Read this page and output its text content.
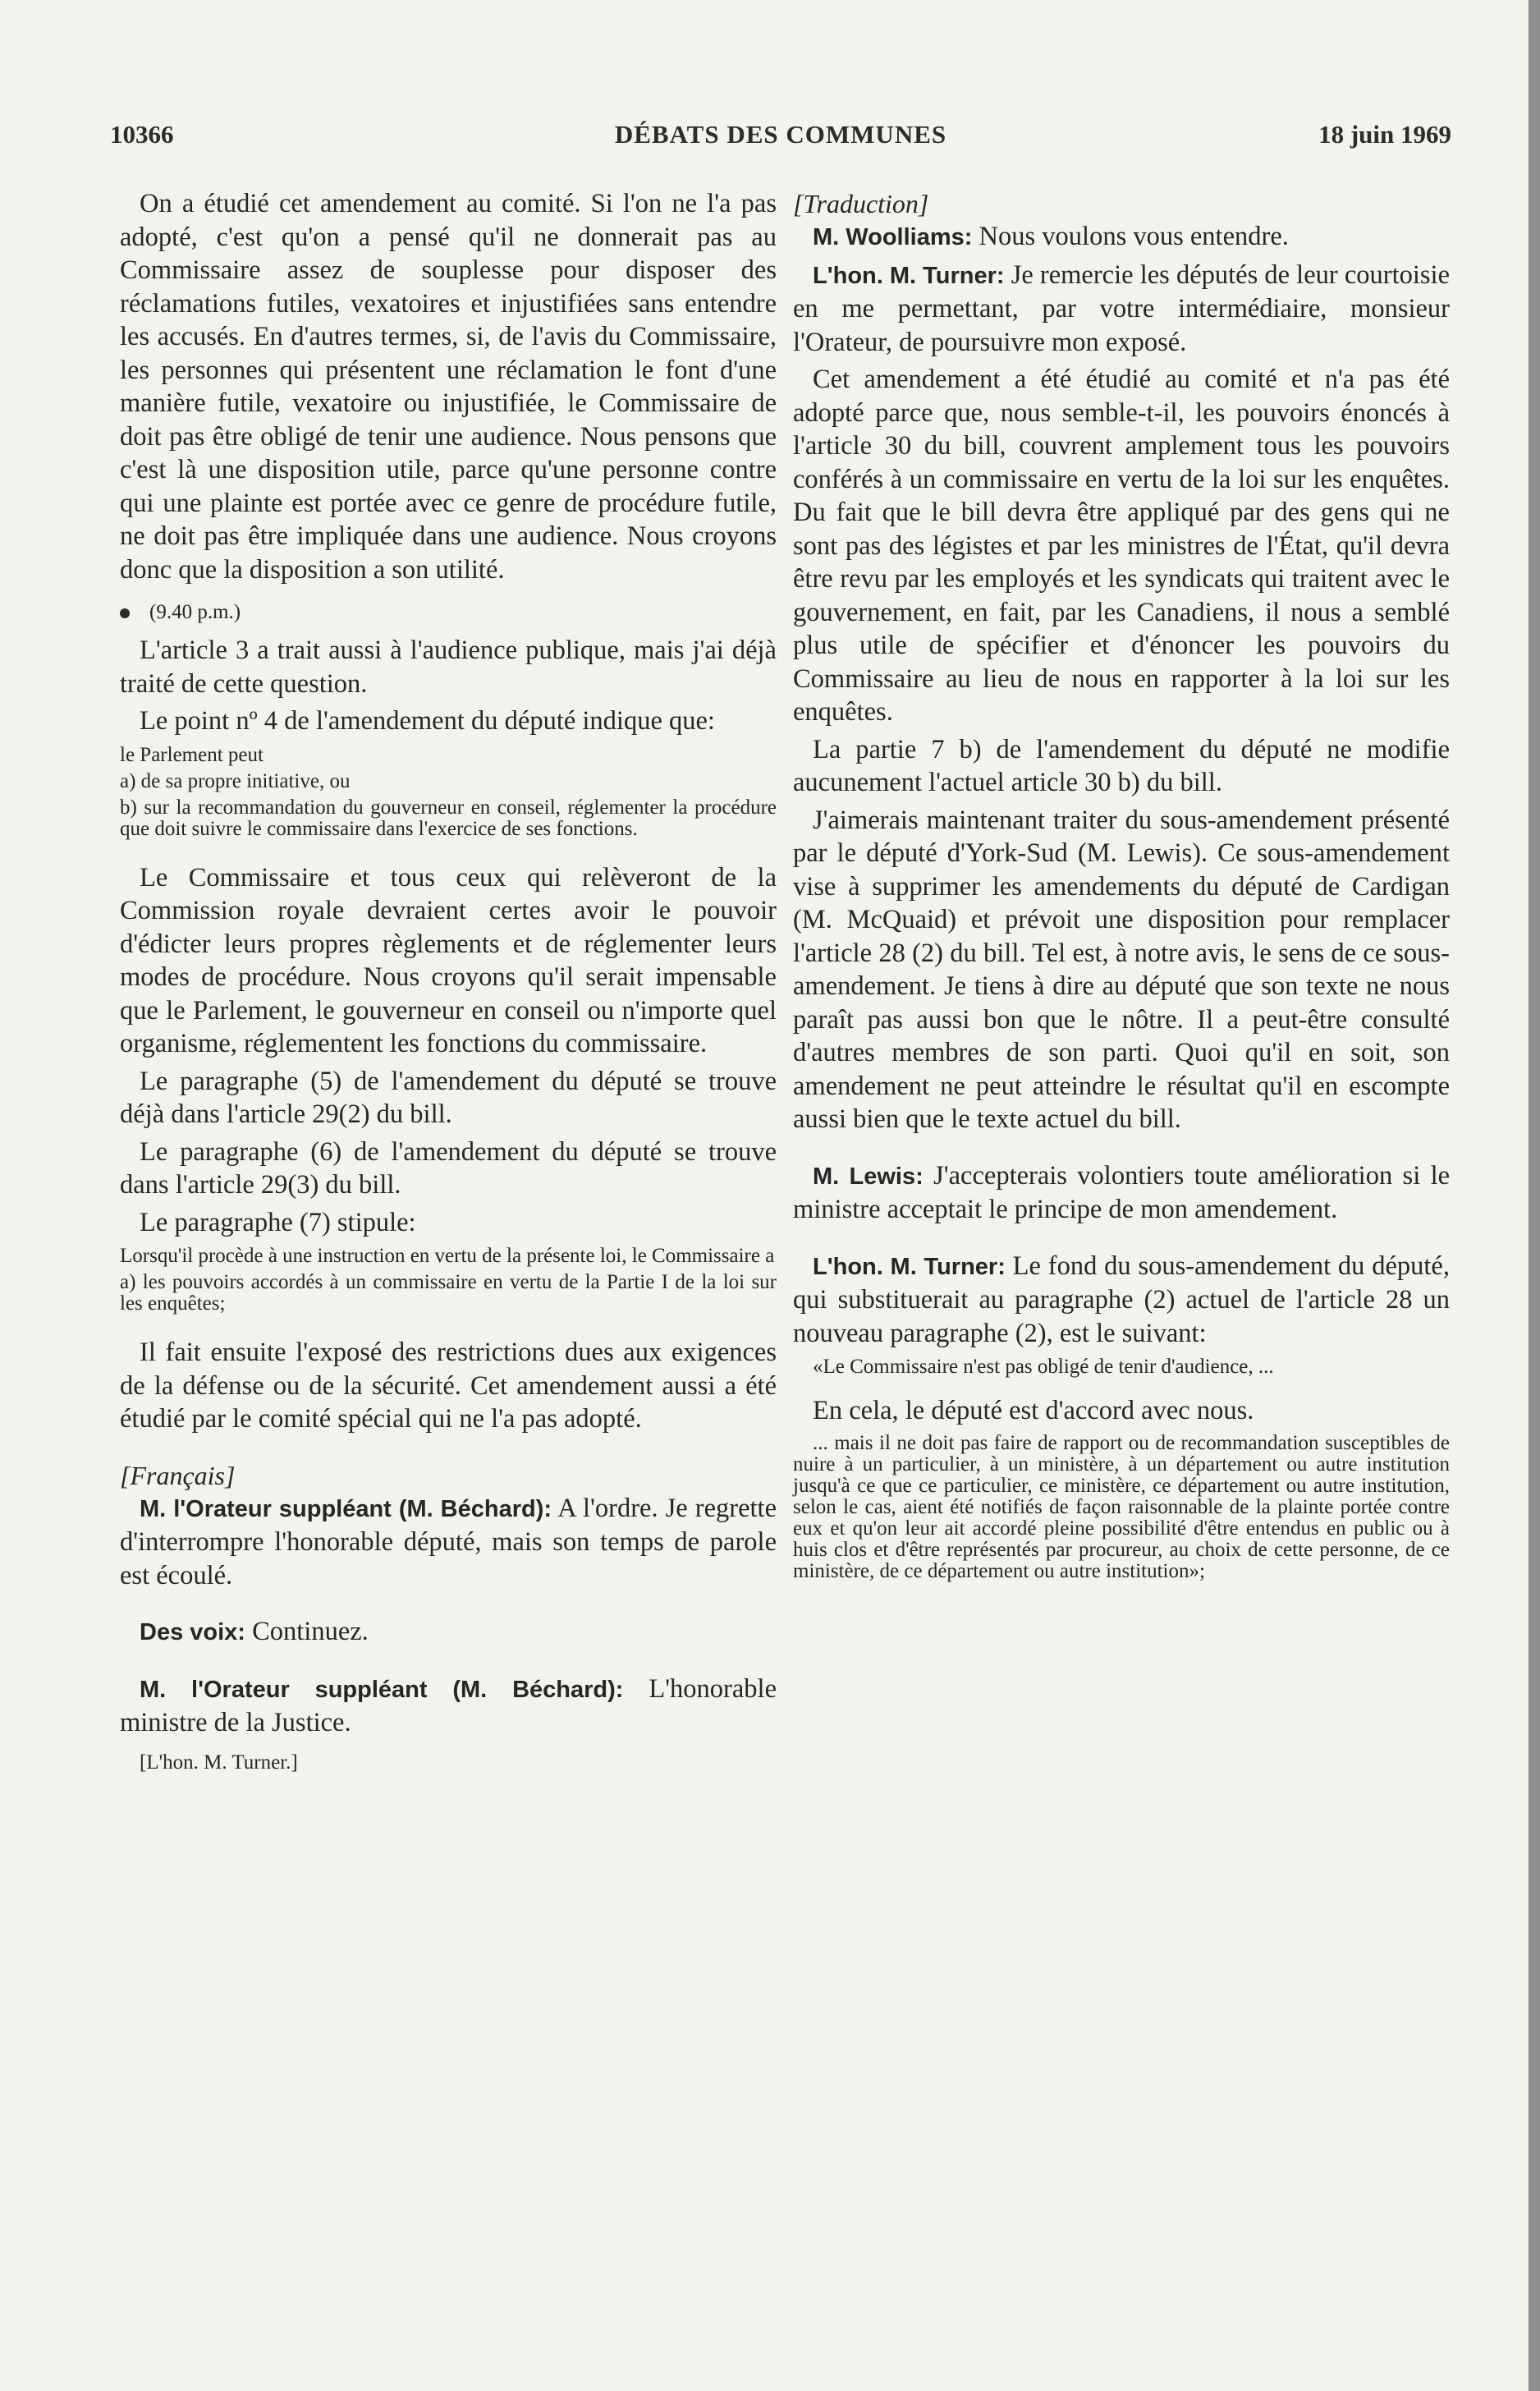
10366	DÉBATS DES COMMUNES	18 juin 1969

On a étudié cet amendement au comité. Si l'on ne l'a pas adopté, c'est qu'on a pensé qu'il ne donnerait pas au Commissaire assez de souplesse pour disposer des réclamations futiles, vexatoires et injustifiées sans entendre les accusés. En d'autres termes, si, de l'avis du Commissaire, les personnes qui présentent une réclamation le font d'une manière futile, vexatoire ou injustifiée, le Commissaire de doit pas être obligé de tenir une audience. Nous pensons que c'est là une disposition utile, parce qu'une personne contre qui une plainte est portée avec ce genre de procédure futile, ne doit pas être impliquée dans une audience. Nous croyons donc que la disposition a son utilité.

(9.40 p.m.)

L'article 3 a trait aussi à l'audience publique, mais j'ai déjà traité de cette question.

Le point nº 4 de l'amendement du député indique que:

le Parlement peut

a) de sa propre initiative, ou

b) sur la recommandation du gouverneur en conseil, réglementer la procédure que doit suivre le commissaire dans l'exercice de ses fonctions.

Le Commissaire et tous ceux qui relèveront de la Commission royale devraient certes avoir le pouvoir d'édicter leurs propres règlements et de réglementer leurs modes de procédure. Nous croyons qu'il serait impensable que le Parlement, le gouverneur en conseil ou n'importe quel organisme, réglementent les fonctions du commissaire.

Le paragraphe (5) de l'amendement du député se trouve déjà dans l'article 29(2) du bill.

Le paragraphe (6) de l'amendement du député se trouve dans l'article 29(3) du bill.

Le paragraphe (7) stipule:

Lorsqu'il procède à une instruction en vertu de la présente loi, le Commissaire a

a) les pouvoirs accordés à un commissaire en vertu de la Partie I de la loi sur les enquêtes;

Il fait ensuite l'exposé des restrictions dues aux exigences de la défense ou de la sécurité. Cet amendement aussi a été étudié par le comité spécial qui ne l'a pas adopté.

[Français]

M. l'Orateur suppléant (M. Béchard): A l'ordre. Je regrette d'interrompre l'honorable député, mais son temps de parole est écoulé.

Des voix: Continuez.

M. l'Orateur suppléant (M. Béchard): L'honorable ministre de la Justice.

[L'hon. M. Turner.]

[Traduction]

M. Woolliams: Nous voulons vous entendre.

L'hon. M. Turner: Je remercie les députés de leur courtoisie en me permettant, par votre intermédiaire, monsieur l'Orateur, de poursuivre mon exposé.

Cet amendement a été étudié au comité et n'a pas été adopté parce que, nous semble-t-il, les pouvoirs énoncés à l'article 30 du bill, couvrent amplement tous les pouvoirs conférés à un commissaire en vertu de la loi sur les enquêtes. Du fait que le bill devra être appliqué par des gens qui ne sont pas des légistes et par les ministres de l'État, qu'il devra être revu par les employés et les syndicats qui traitent avec le gouvernement, en fait, par les Canadiens, il nous a semblé plus utile de spécifier et d'énoncer les pouvoirs du Commissaire au lieu de nous en rapporter à la loi sur les enquêtes.

La partie 7 b) de l'amendement du député ne modifie aucunement l'actuel article 30 b) du bill.

J'aimerais maintenant traiter du sous-amendement présenté par le député d'York-Sud (M. Lewis). Ce sous-amendement vise à supprimer les amendements du député de Cardigan (M. McQuaid) et prévoit une disposition pour remplacer l'article 28 (2) du bill. Tel est, à notre avis, le sens de ce sous-amendement. Je tiens à dire au député que son texte ne nous paraît pas aussi bon que le nôtre. Il a peut-être consulté d'autres membres de son parti. Quoi qu'il en soit, son amendement ne peut atteindre le résultat qu'il en escompte aussi bien que le texte actuel du bill.

M. Lewis: J'accepterais volontiers toute amélioration si le ministre acceptait le principe de mon amendement.

L'hon. M. Turner: Le fond du sous-amendement du député, qui substituerait au paragraphe (2) actuel de l'article 28 un nouveau paragraphe (2), est le suivant:

«Le Commissaire n'est pas obligé de tenir d'audience, ...

En cela, le député est d'accord avec nous.

... mais il ne doit pas faire de rapport ou de recommandation susceptibles de nuire à un particulier, à un ministère, à un département ou autre institution jusqu'à ce que ce particulier, ce ministère, ce département ou autre institution, selon le cas, aient été notifiés de façon raisonnable de la plainte portée contre eux et qu'on leur ait accordé pleine possibilité d'être entendus en public ou à huis clos et d'être représentés par procureur, au choix de cette personne, de ce ministère, de ce département ou autre institution»;
